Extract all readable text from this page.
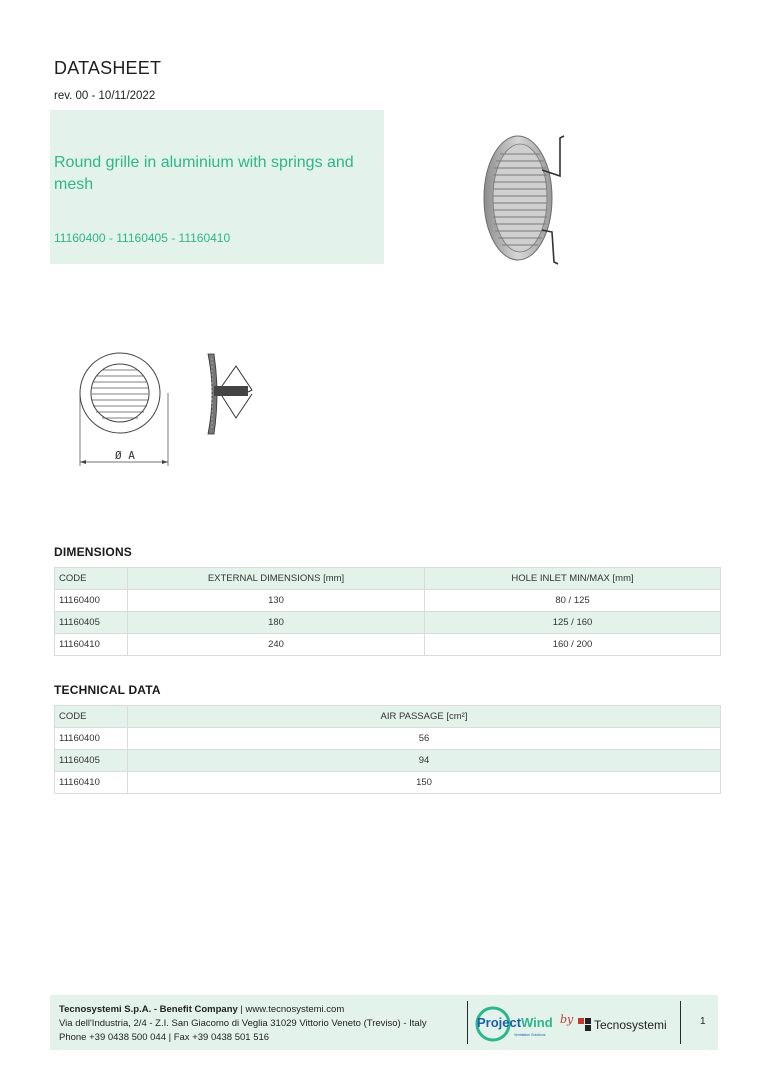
DATASHEET
rev. 00 - 10/11/2022
Round grille in aluminium with springs and mesh
11160400 - 11160405 - 11160410
Ø A
DIMENSIONS
CODE	EXTERNAL DIMENSIONS [mm]	HOLE INLET MIN/MAX [mm]
11160400	130	80 / 125
11160405	180	125 / 160
11160410	240	160 / 200
TECHNICAL DATA
CODE	AIR PASSAGE [cm²]
11160400	56
11160405	94
11160410	150
Tecnosystemi S.p.A. - Benefit Company | www.tecnosystemi.com
Via dell'Industria, 2/4 - Z.I. San Giacomo di Veglia 31029 Vittorio Veneto (Treviso) - Italy
Phone +39 0438 500 044 | Fax +39 0438 501 516
Project Wind
Ventilation Solutions
by Tecnosystemi	1
